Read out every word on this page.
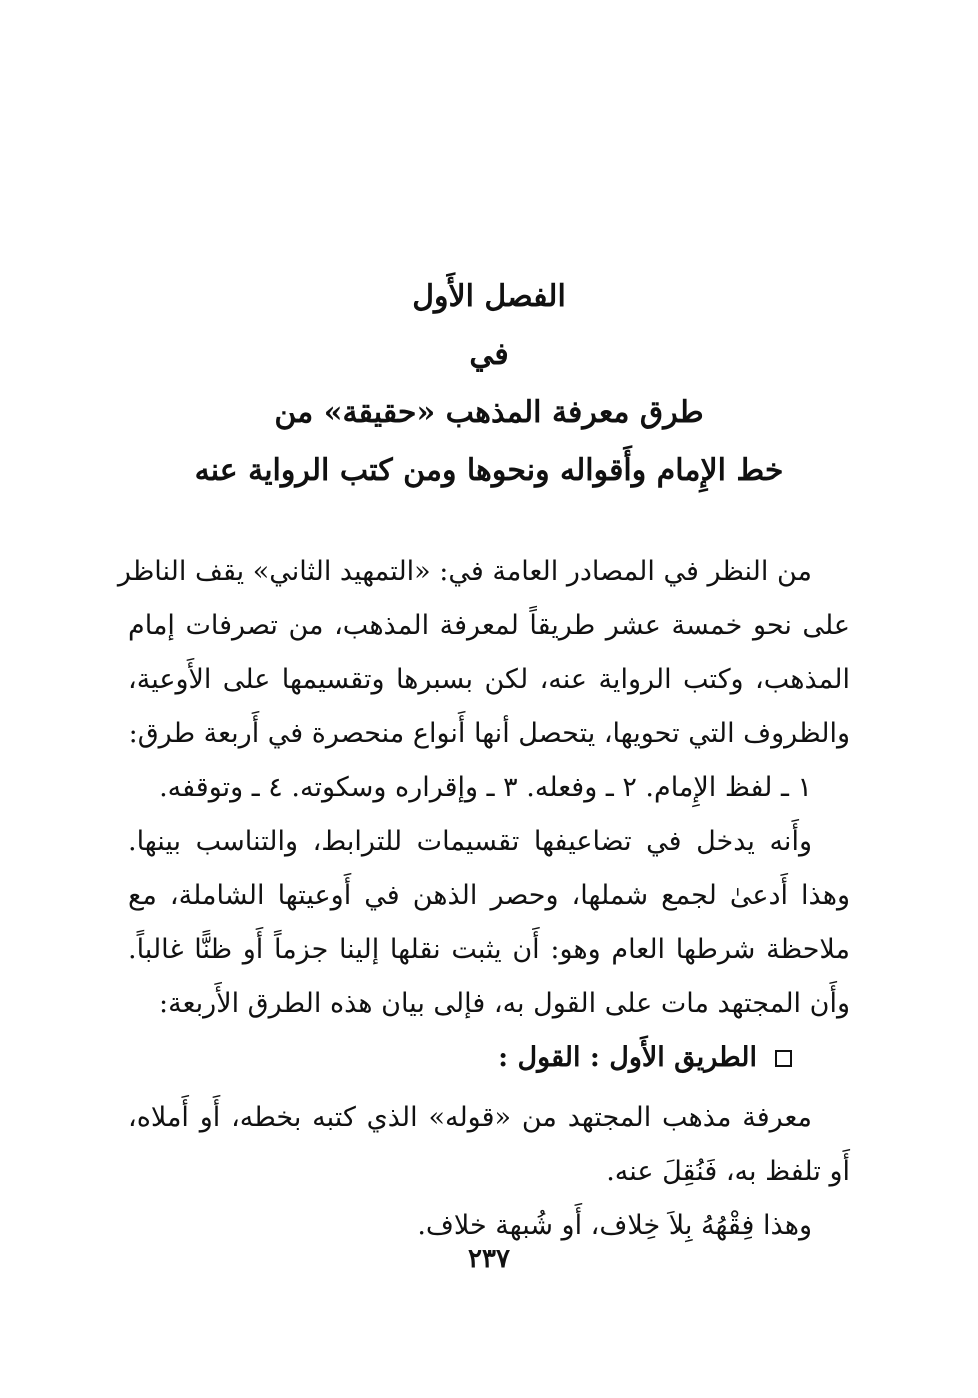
الفصل الأَول
في
طرق معرفة المذهب «حقيقة» من
خط الإِمام وأَقواله ونحوها ومن كتب الرواية عنه
من النظر في المصادر العامة في: «التمهيد الثاني» يقف الناظر
على نحو خمسة عشر طريقاً لمعرفة المذهب، من تصرفات إمام
المذهب، وكتب الرواية عنه، لكن بسبرها وتقسيمها على الأَوعية،
والظروف التي تحويها، يتحصل أنها أَنواع منحصرة في أَربعة طرق:
١ ـ لفظ الإِمام. ٢ ـ وفعله. ٣ ـ وإقراره وسكوته. ٤ ـ وتوقفه.
وأَنه يدخل في تضاعيفها تقسيمات للترابط، والتناسب بينها.
وهذا أَدعىٰ لجمع شملها، وحصر الذهن في أَوعيتها الشاملة، مع
ملاحظة شرطها العام وهو: أَن يثبت نقلها إلينا جزماً أَو ظنًّا غالباً.
وأَن المجتهد مات على القول به، فإلى بيان هذه الطرق الأَربعة:
الطريق الأَول : القول :
معرفة مذهب المجتهد من «قوله» الذي كتبه بخطه، أَو أَملاه،
أَو تلفظ به، فَنُقِلَ عنه.
وهذا فِقْهُهُ بِلاَ خِلاف، أَو شُبهة خلاف.
٢٣٧
